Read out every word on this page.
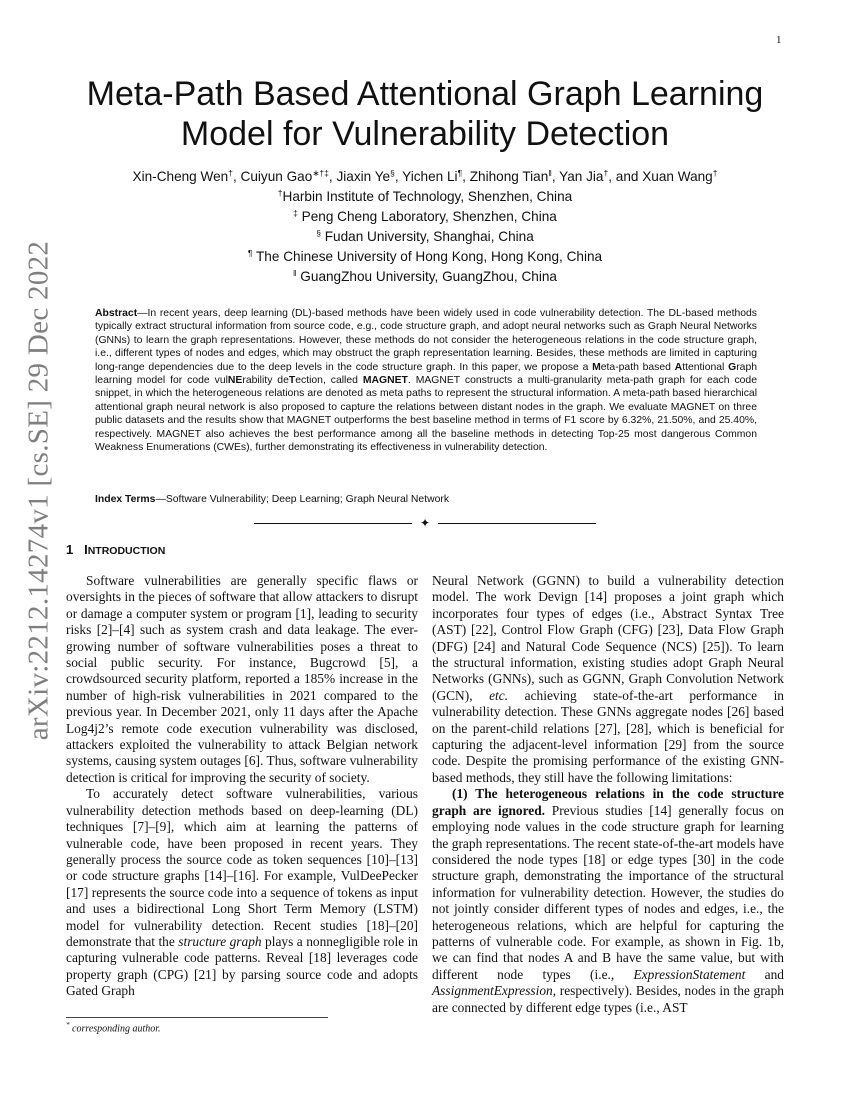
1
arXiv:2212.14274v1 [cs.SE] 29 Dec 2022
Meta-Path Based Attentional Graph Learning
Model for Vulnerability Detection
Xin-Cheng Wen†, Cuiyun Gao∗†‡, Jiaxin Ye§, Yichen Li¶, Zhihong Tian‖, Yan Jia†, and Xuan Wang†
†Harbin Institute of Technology, Shenzhen, China
‡ Peng Cheng Laboratory, Shenzhen, China
§ Fudan University, Shanghai, China
¶ The Chinese University of Hong Kong, Hong Kong, China
‖ GuangZhou University, GuangZhou, China

Abstract—In recent years, deep learning (DL)-based methods have been widely used in code vulnerability detection. The DL-based methods typically extract structural information from source code, e.g., code structure graph, and adopt neural networks such as Graph Neural Networks (GNNs) to learn the graph representations. However, these methods do not consider the heterogeneous relations in the code structure graph, i.e., different types of nodes and edges, which may obstruct the graph representation learning. Besides, these methods are limited in capturing long-range dependencies due to the deep levels in the code structure graph. In this paper, we propose a Meta-path based Attentional Graph learning model for code vulNErability deTection, called MAGNET. MAGNET constructs a multi-granularity meta-path graph for each code snippet, in which the heterogeneous relations are denoted as meta paths to represent the structural information. A meta-path based hierarchical attentional graph neural network is also proposed to capture the relations between distant nodes in the graph. We evaluate MAGNET on three public datasets and the results show that MAGNET outperforms the best baseline method in terms of F1 score by 6.32%, 21.50%, and 25.40%, respectively. MAGNET also achieves the best performance among all the baseline methods in detecting Top-25 most dangerous Common Weakness Enumerations (CWEs), further demonstrating its effectiveness in vulnerability detection.

Index Terms—Software Vulnerability; Deep Learning; Graph Neural Network

✦
1 INTRODUCTION

Software vulnerabilities are generally specific flaws or oversights in the pieces of software that allow attackers to disrupt or damage a computer system or program [1], leading to security risks [2]–[4] such as system crash and data leakage. The ever-growing number of software vulnerabilities poses a threat to social public security. For instance, Bugcrowd [5], a crowdsourced security platform, reported a 185% increase in the number of high-risk vulnerabilities in 2021 compared to the previous year. In December 2021, only 11 days after the Apache Log4j2’s remote code execution vulnerability was disclosed, attackers exploited the vulnerability to attack Belgian network systems, causing system outages [6]. Thus, software vulnerability detection is critical for improving the security of society.

To accurately detect software vulnerabilities, various vulnerability detection methods based on deep-learning (DL) techniques [7]–[9], which aim at learning the patterns of vulnerable code, have been proposed in recent years. They generally process the source code as token sequences [10]–[13] or code structure graphs [14]–[16]. For example, VulDeePecker [17] represents the source code into a sequence of tokens as input and uses a bidirectional Long Short Term Memory (LSTM) model for vulnerability detection. Recent studies [18]–[20] demonstrate that the structure graph plays a nonnegligible role in capturing vulnerable code patterns. Reveal [18] leverages code property graph (CPG) [21] by parsing source code and adopts Gated Graph

Neural Network (GGNN) to build a vulnerability detection model. The work Devign [14] proposes a joint graph which incorporates four types of edges (i.e., Abstract Syntax Tree (AST) [22], Control Flow Graph (CFG) [23], Data Flow Graph (DFG) [24] and Natural Code Sequence (NCS) [25]). To learn the structural information, existing studies adopt Graph Neural Networks (GNNs), such as GGNN, Graph Convolution Network (GCN), etc. achieving state-of-the-art performance in vulnerability detection. These GNNs aggregate nodes [26] based on the parent-child relations [27], [28], which is beneficial for capturing the adjacent-level information [29] from the source code. Despite the promising performance of the existing GNN-based methods, they still have the following limitations:

(1) The heterogeneous relations in the code structure graph are ignored. Previous studies [14] generally focus on employing node values in the code structure graph for learning the graph representations. The recent state-of-the-art models have considered the node types [18] or edge types [30] in the code structure graph, demonstrating the importance of the structural information for vulnerability detection. However, the studies do not jointly consider different types of nodes and edges, i.e., the heterogeneous relations, which are helpful for capturing the patterns of vulnerable code. For example, as shown in Fig. 1b, we can find that nodes A and B have the same value, but with different node types (i.e., ExpressionStatement and AssignmentExpression, respectively). Besides, nodes in the graph are connected by different edge types (i.e., AST

* corresponding author.
